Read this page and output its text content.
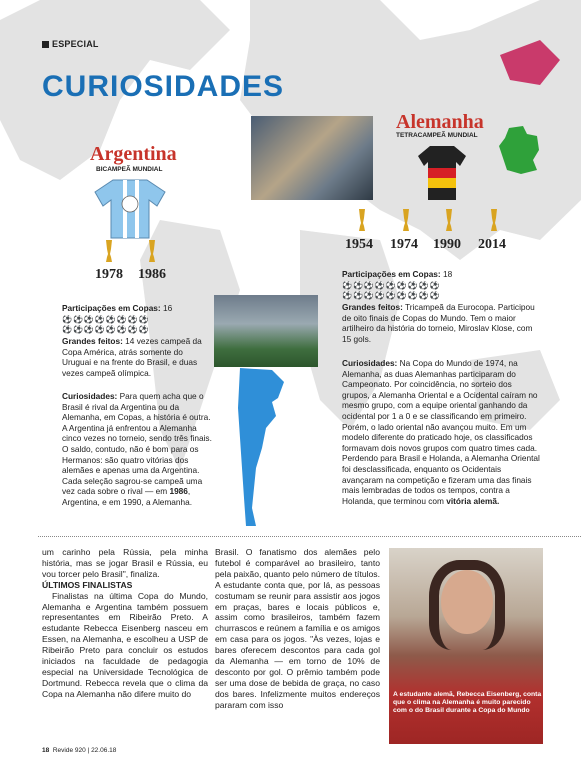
ESPECIAL
CURIOSIDADES
Argentina
BICAMPEÃ MUNDIAL
1978 1986
Participações em Copas: 16
⚽⚽⚽⚽⚽⚽⚽⚽
⚽⚽⚽⚽⚽⚽⚽⚽
Grandes feitos: 14 vezes campeã da Copa América, atrás somente do Uruguai e na frente do Brasil, e duas vezes campeã olímpica.
Curiosidades: Para quem acha que o Brasil é rival da Argentina ou da Alemanha, em Copas, a história é outra. A Argentina já enfrentou a Alemanha cinco vezes no torneio, sendo três finais. O saldo, contudo, não é bom para os Hermanos: são quatro vitórias dos alemães e apenas uma da Argentina. Cada seleção sagrou-se campeã uma vez cada sobre o rival — em 1986, Argentina, e em 1990, a Alemanha.
Alemanha
TETRACAMPEÃ MUNDIAL
1954 1974 1990 2014
Participações em Copas: 18
⚽⚽⚽⚽⚽⚽⚽⚽⚽
⚽⚽⚽⚽⚽⚽⚽⚽⚽
Grandes feitos: Tricampeã da Eurocopa. Participou de oito finais de Copas do Mundo. Tem o maior artilheiro da história do torneio, Miroslav Klose, com 15 gols.
Curiosidades: Na Copa do Mundo de 1974, na Alemanha, as duas Alemanhas participaram do Campeonato. Por coincidência, no sorteio dos grupos, a Alemanha Oriental e a Ocidental caíram no mesmo grupo, com a equipe oriental ganhando da ocidental por 1 a 0 e se classificando em primeiro. Porém, o lado oriental não avançou muito. Em um modelo diferente do praticado hoje, os classificados formavam dois novos grupos com quatro times cada. Perdendo para Brasil e Holanda, a Alemanha Oriental foi desclassificada, enquanto os Ocidentais avançaram na competição e fizeram uma das finais mais lembradas de todos os tempos, contra a Holanda, que terminou com vitória alemã.

um carinho pela Rússia, pela minha história, mas se jogar Brasil e Rússia, eu vou torcer pelo Brasil", finaliza.

ÚLTIMOS FINALISTAS

Finalistas na última Copa do Mundo, Alemanha e Argentina também possuem representantes em Ribeirão Preto. A estudante Rebecca Eisenberg nasceu em Essen, na Alemanha, e escolheu a USP de Ribeirão Preto para concluir os estudos iniciados na faculdade de pedagogia especial na Universidade Tecnológica de Dortmund. Rebecca revela que o clima da Copa na Alemanha não difere muito do

Brasil. O fanatismo dos alemães pelo futebol é comparável ao brasileiro, tanto pela paixão, quanto pelo número de títulos. A estudante conta que, por lá, as pessoas costumam se reunir para assistir aos jogos em praças, bares e locais públicos e, assim como brasileiros, também fazem churrascos e reúnem a família e os amigos em casa para os jogos. "Às vezes, lojas e bares oferecem descontos para cada gol da Alemanha — em torno de 10% de desconto por gol. O prêmio também pode ser uma dose de bebida de graça, no caso dos bares. Infelizmente muitos endereços pararam com isso

A estudante alemã, Rebecca Eisenberg, conta que o clima na Alemanha é muito parecido com o do Brasil durante a Copa do Mundo
18 Revide 920 | 22.06.18
